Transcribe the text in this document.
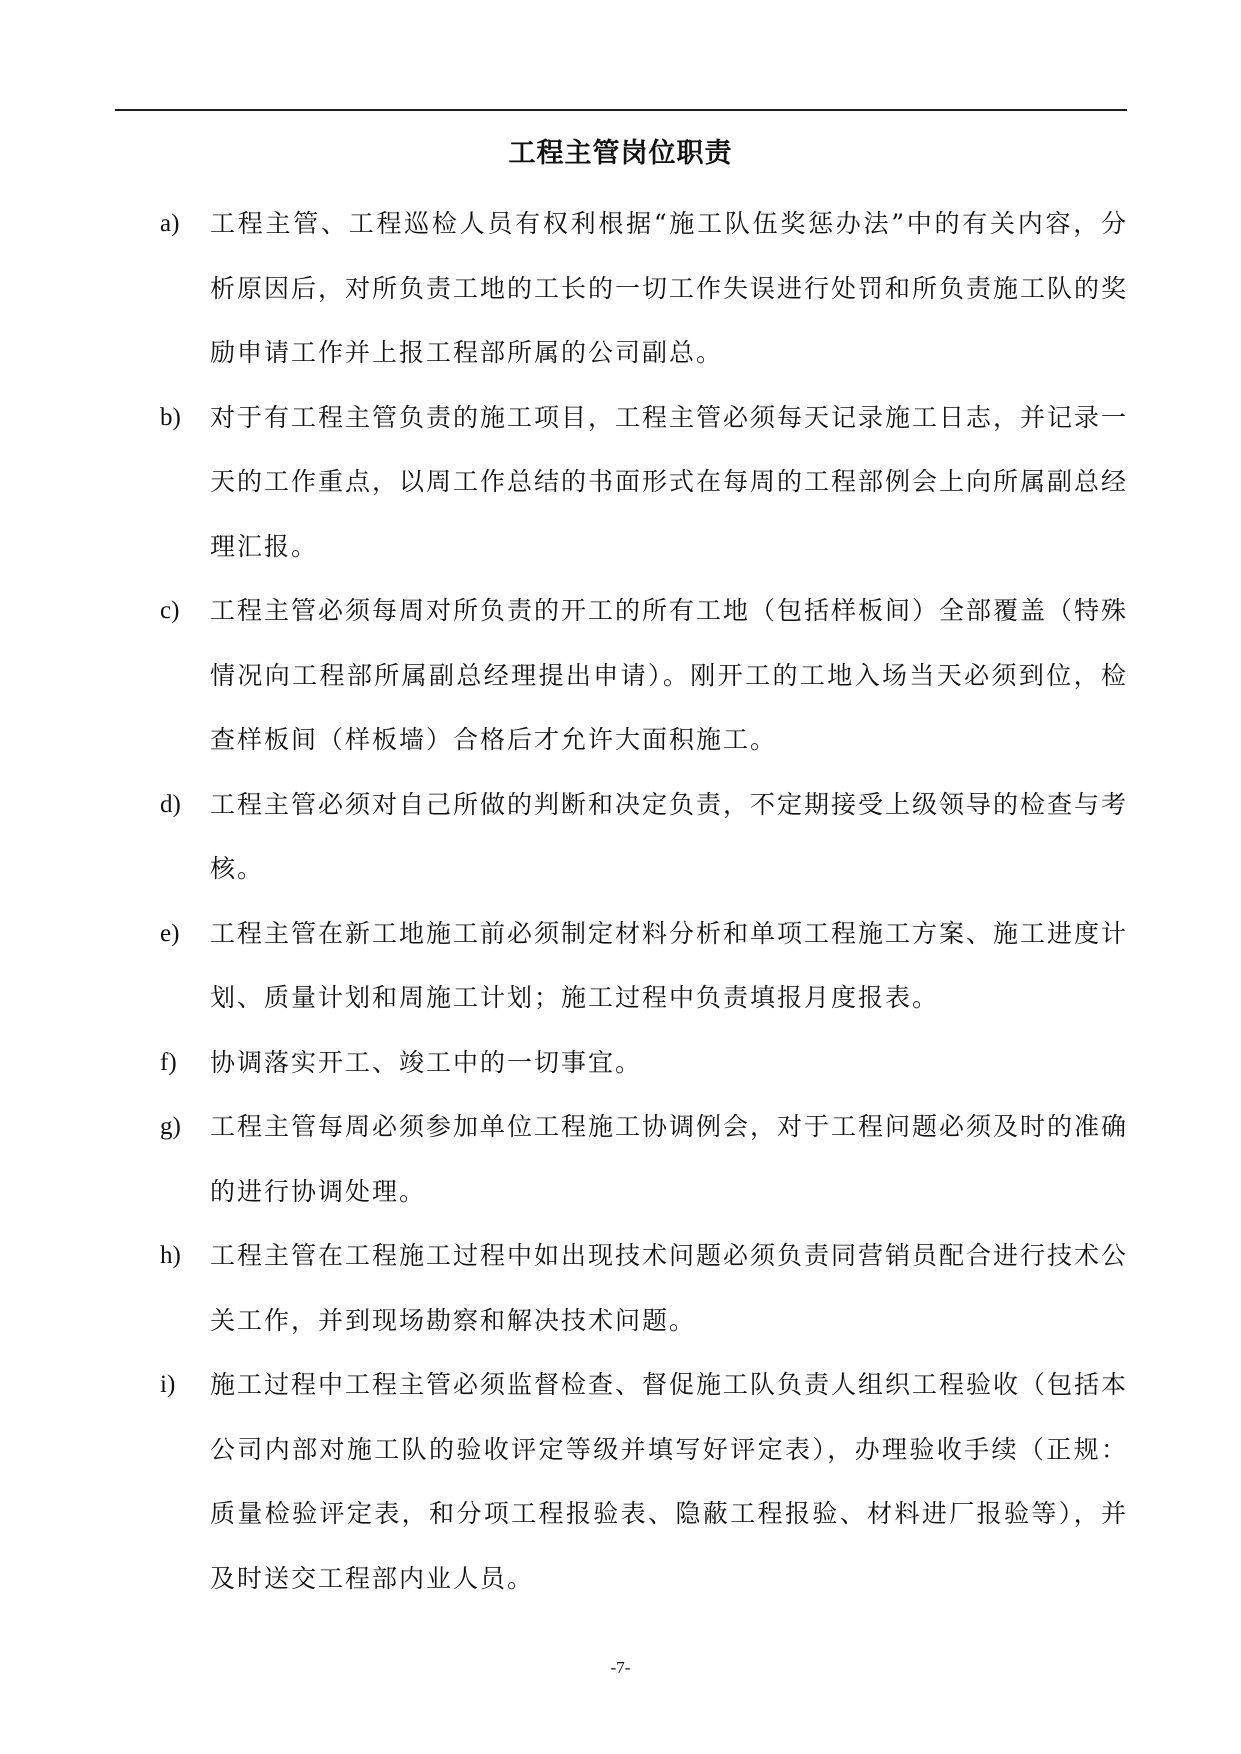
工程主管岗位职责
a)	工程主管、工程巡检人员有权利根据“施工队伍奖惩办法”中的有关内容，分析原因后，对所负责工地的工长的一切工作失误进行处罚和所负责施工队的奖励申请工作并上报工程部所属的公司副总。
b)	对于有工程主管负责的施工项目，工程主管必须每天记录施工日志，并记录一天的工作重点，以周工作总结的书面形式在每周的工程部例会上向所属副总经理汇报。
c)	工程主管必须每周对所负责的开工的所有工地（包括样板间）全部覆盖（特殊情况向工程部所属副总经理提出申请）。刚开工的工地入场当天必须到位，检查样板间（样板墙）合格后才允许大面积施工。
d)	工程主管必须对自己所做的判断和决定负责，不定期接受上级领导的检查与考核。
e)	工程主管在新工地施工前必须制定材料分析和单项工程施工方案、施工进度计划、质量计划和周施工计划；施工过程中负责填报月度报表。
f)	协调落实开工、竣工中的一切事宜。
g)	工程主管每周必须参加单位工程施工协调例会，对于工程问题必须及时的准确的进行协调处理。
h)	工程主管在工程施工过程中如出现技术问题必须负责同营销员配合进行技术公关工作，并到现场勘察和解决技术问题。
i)	施工过程中工程主管必须监督检查、督促施工队负责人组织工程验收（包括本公司内部对施工队的验收评定等级并填写好评定表），办理验收手续（正规：质量检验评定表，和分项工程报验表、隐蔽工程报验、材料进厂报验等），并及时送交工程部内业人员。
-7-
